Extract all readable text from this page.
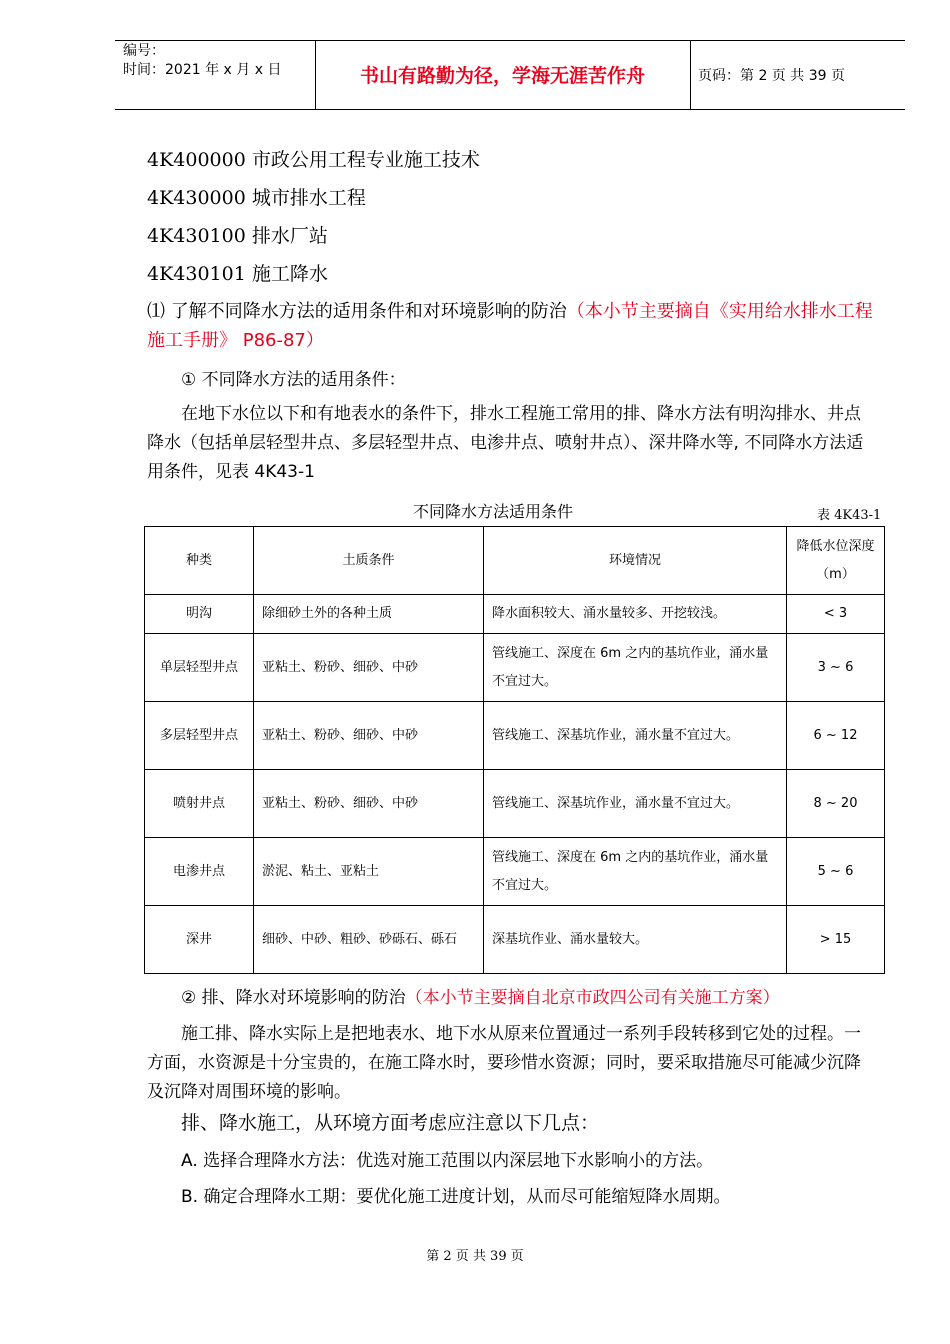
编号：
时间：2021 年 x 月 x 日	书山有路勤为径，学海无涯苦作舟	页码：第 2 页 共 39 页
4K400000 市政公用工程专业施工技术
4K430000 城市排水工程
4K430100 排水厂站
4K430101 施工降水
⑴ 了解不同降水方法的适用条件和对环境影响的防治（本小节主要摘自《实用给水排水工程施工手册》 P86-87）
① 不同降水方法的适用条件：
在地下水位以下和有地表水的条件下，排水工程施工常用的排、降水方法有明沟排水、井点降水（包括单层轻型井点、多层轻型井点、电渗井点、喷射井点）、深井降水等, 不同降水方法适用条件，见表 4K43-1
不同降水方法适用条件	表 4K43-1
种类	土质条件	环境情况	降低水位深度（m）
明沟	除细砂土外的各种土质	降水面积较大、涌水量较多、开挖较浅。	< 3
单层轻型井点	亚粘土、粉砂、细砂、中砂	管线施工、深度在 6m 之内的基坑作业，涌水量不宜过大。	3 ~ 6
多层轻型井点	亚粘土、粉砂、细砂、中砂	管线施工、深基坑作业，涌水量不宜过大。	6 ~ 12
喷射井点	亚粘土、粉砂、细砂、中砂	管线施工、深基坑作业，涌水量不宜过大。	8 ~ 20
电渗井点	淤泥、粘土、亚粘土	管线施工、深度在 6m 之内的基坑作业，涌水量不宜过大。	5 ~ 6
深井	细砂、中砂、粗砂、砂砾石、砾石	深基坑作业、涌水量较大。	> 15
② 排、降水对环境影响的防治（本小节主要摘自北京市政四公司有关施工方案）
施工排、降水实际上是把地表水、地下水从原来位置通过一系列手段转移到它处的过程。一方面，水资源是十分宝贵的，在施工降水时，要珍惜水资源；同时，要采取措施尽可能减少沉降及沉降对周围环境的影响。
排、降水施工，从环境方面考虑应注意以下几点：
A. 选择合理降水方法：优选对施工范围以内深层地下水影响小的方法。
B. 确定合理降水工期：要优化施工进度计划，从而尽可能缩短降水周期。
第 2 页 共 39 页
